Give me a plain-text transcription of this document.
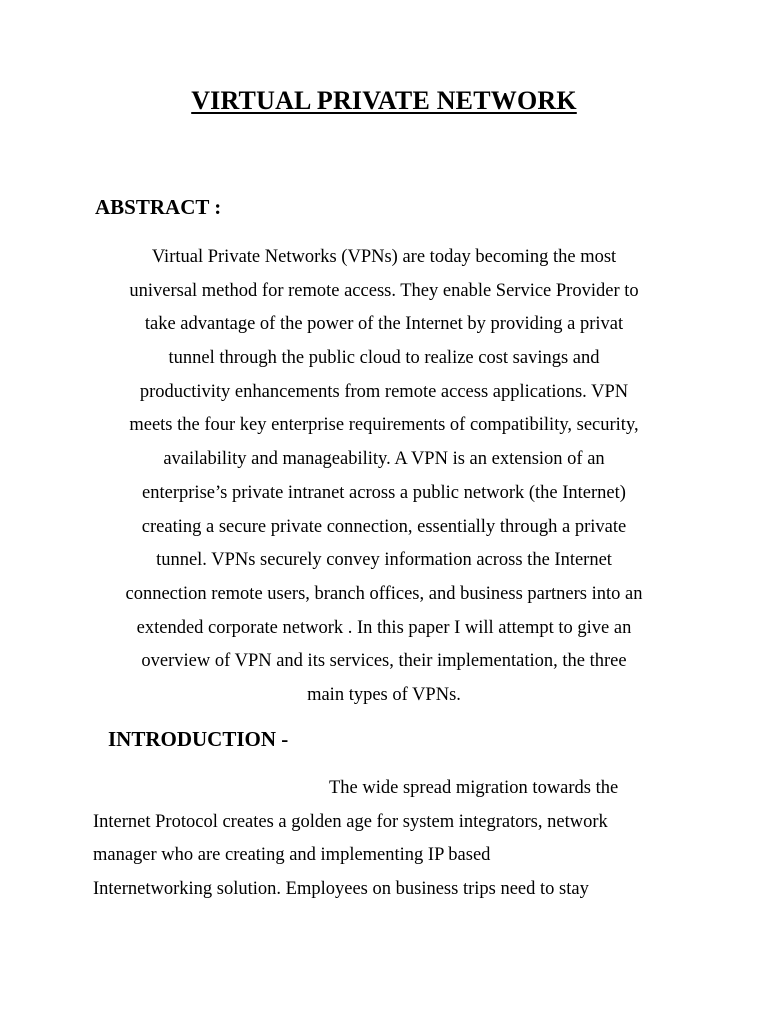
VIRTUAL PRIVATE NETWORK
ABSTRACT :
Virtual Private Networks (VPNs) are today becoming the most
universal method for remote access. They enable Service Provider to
take advantage of the power of the Internet by providing a privat
tunnel through the public cloud to realize cost savings and
productivity enhancements from remote access applications. VPN
meets the four key enterprise requirements of compatibility, security,
availability and manageability. A VPN is an extension of an
enterprise’s private intranet across a public network (the Internet)
creating a secure private connection, essentially through a private
tunnel. VPNs securely convey information across the Internet
connection remote users, branch offices, and business partners into an
extended corporate network . In this paper I will attempt to give an
overview of VPN and its services, their implementation, the three
main types of VPNs.
INTRODUCTION -
The wide spread migration towards the
Internet Protocol creates a golden age for system integrators, network
manager who are creating and implementing IP based
Internetworking solution. Employees on business trips need to stay
